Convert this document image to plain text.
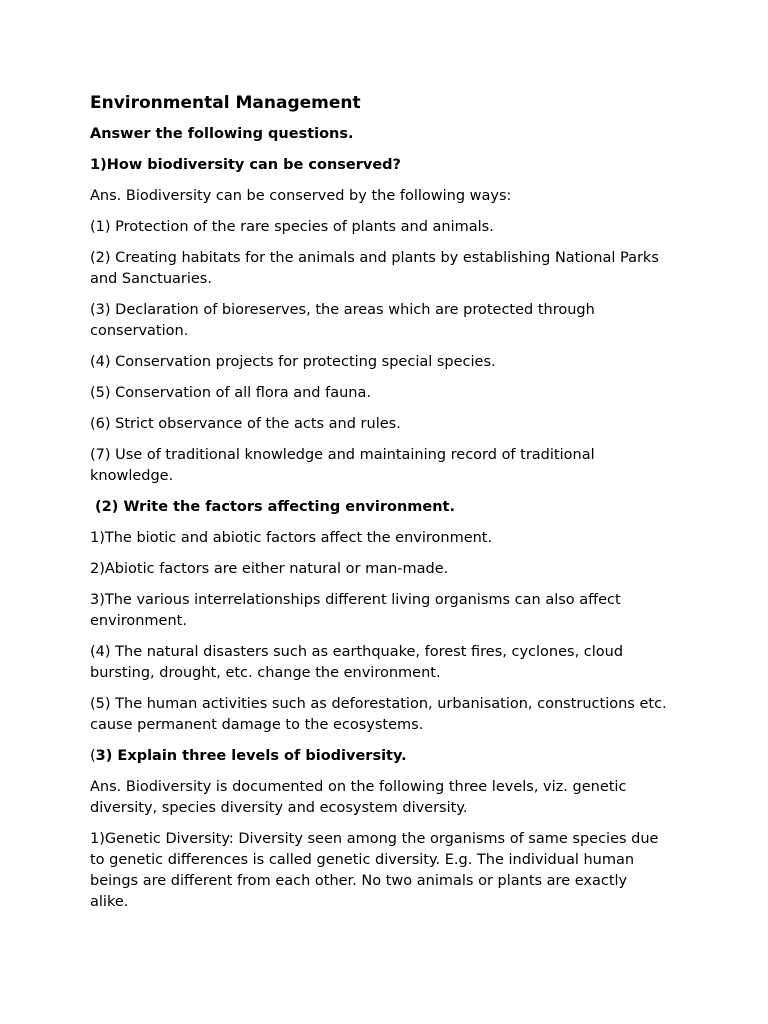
Environmental Management
Answer the following questions.
1)How biodiversity can be conserved?
Ans. Biodiversity can be conserved by the following ways:
(1) Protection of the rare species of plants and animals.
(2) Creating habitats for the animals and plants by establishing National Parks and Sanctuaries.
(3) Declaration of bioreserves, the areas which are protected through conservation.
(4) Conservation projects for protecting special species.
(5) Conservation of all flora and fauna.
(6) Strict observance of the acts and rules.
(7) Use of traditional knowledge and maintaining record of traditional knowledge.
(2) Write the factors affecting environment.
1)The biotic and abiotic factors affect the environment.
2)Abiotic factors are either natural or man-made.
3)The various interrelationships different living organisms can also affect environment.
(4) The natural disasters such as earthquake, forest fires, cyclones, cloud bursting, drought, etc. change the environment.
(5) The human activities such as deforestation, urbanisation, constructions etc. cause permanent damage to the ecosystems.
(3) Explain three levels of biodiversity.
Ans. Biodiversity is documented on the following three levels, viz. genetic diversity, species diversity and ecosystem diversity.
1)Genetic Diversity: Diversity seen among the organisms of same species due to genetic differences is called genetic diversity. E.g. The individual human beings are different from each other. No two animals or plants are exactly alike.
